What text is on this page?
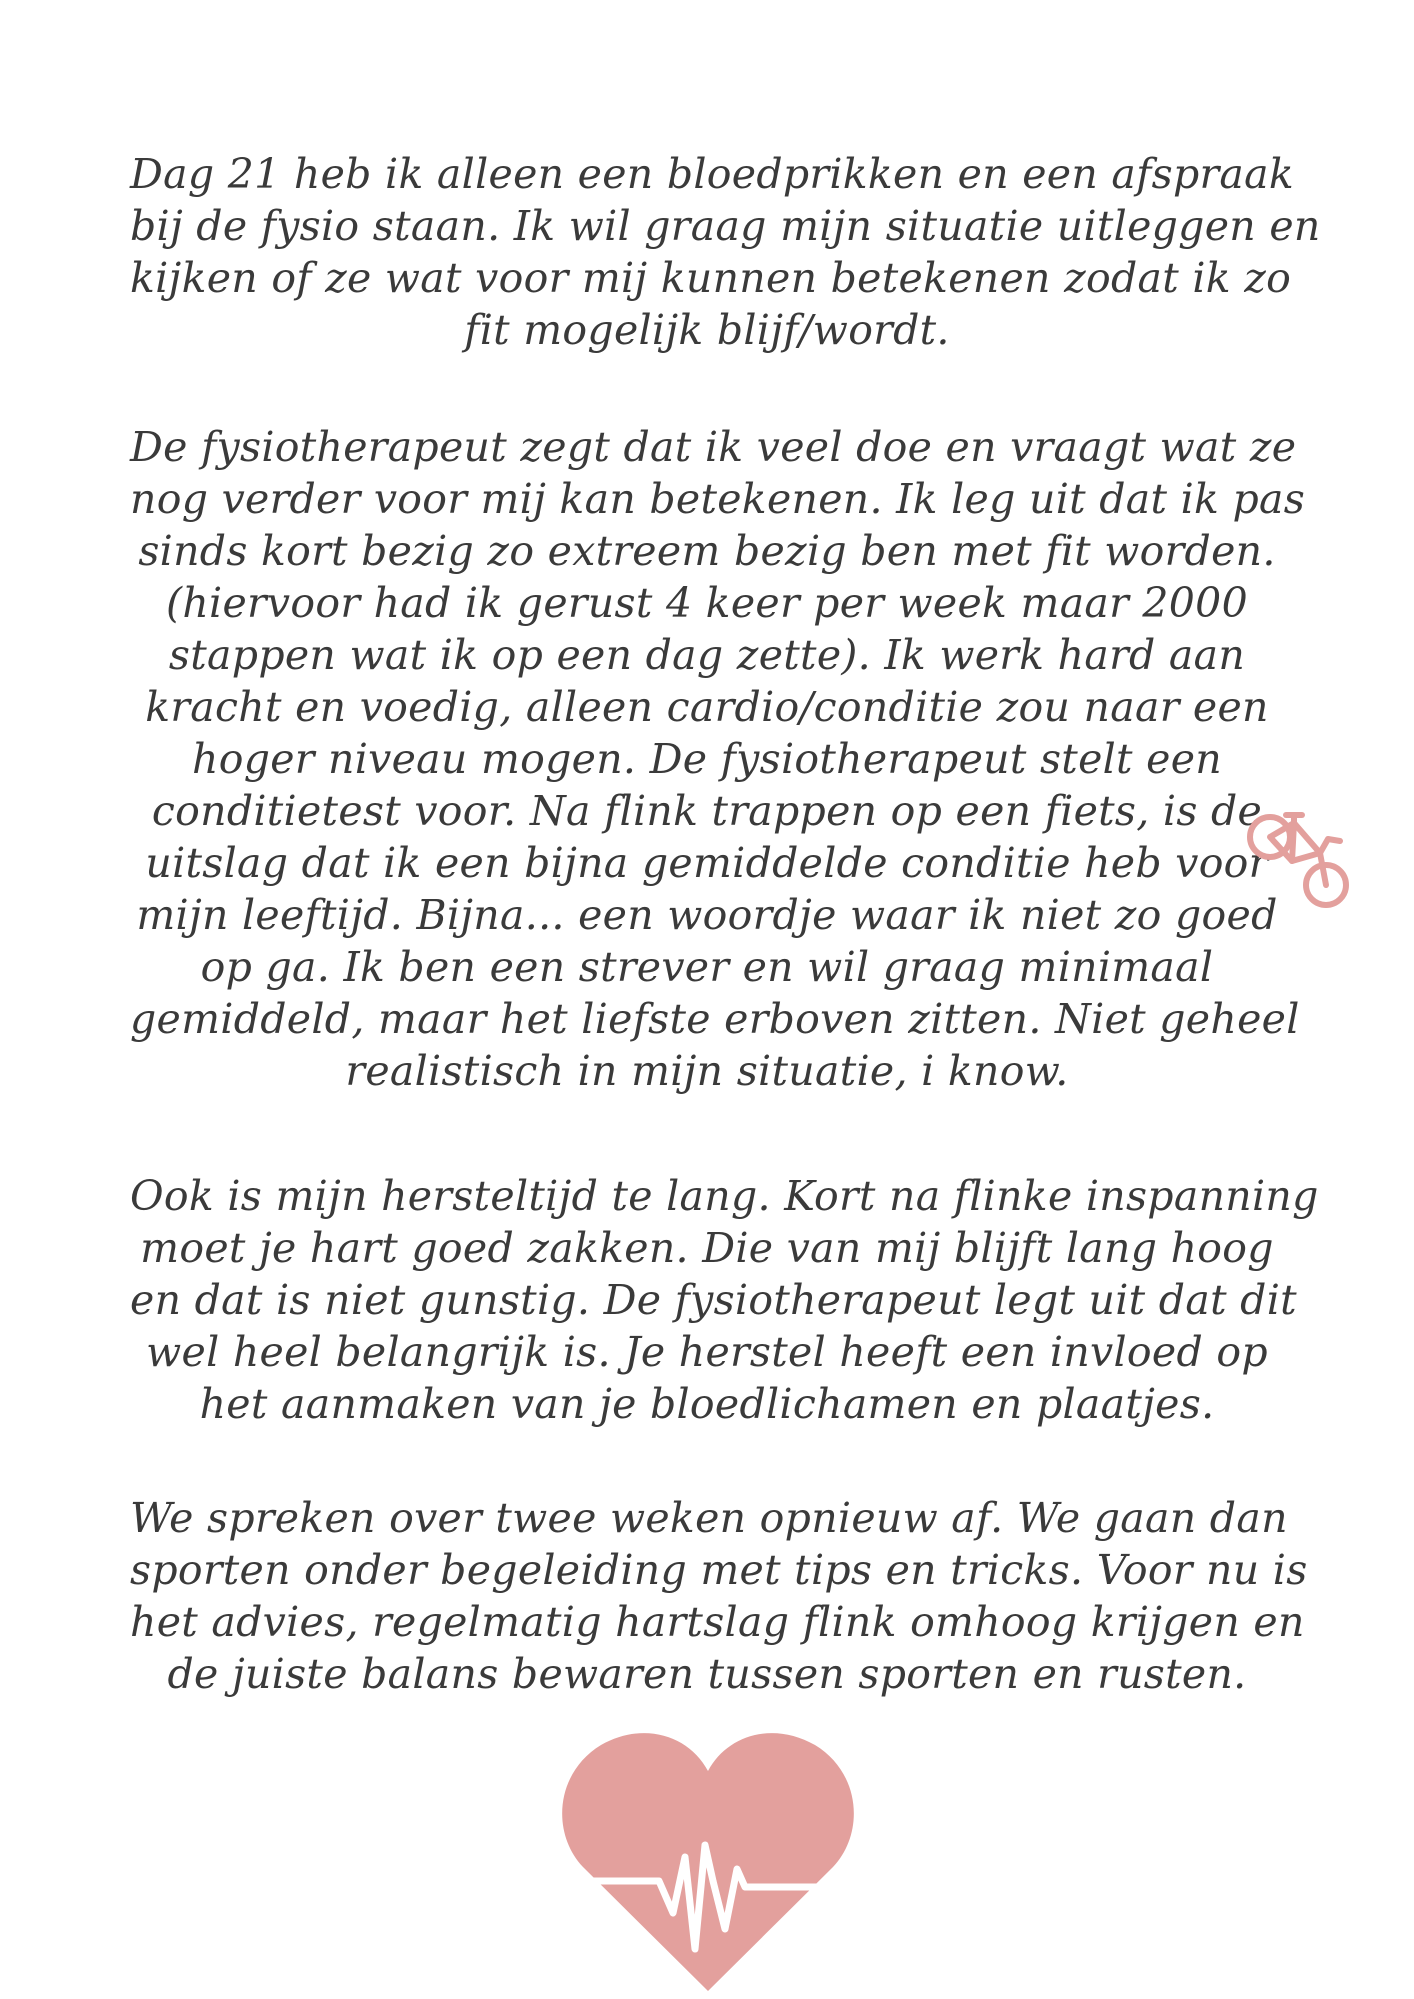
Dag 21 heb ik alleen een bloedprikken en een afspraak
bij de fysio staan. Ik wil graag mijn situatie uitleggen en
kijken of ze wat voor mij kunnen betekenen zodat ik zo
fit mogelijk blijf/wordt.
De fysiotherapeut zegt dat ik veel doe en vraagt wat ze
nog verder voor mij kan betekenen. Ik leg uit dat ik pas
sinds kort bezig zo extreem bezig ben met fit worden.
(hiervoor had ik gerust 4 keer per week maar 2000
stappen wat ik op een dag zette). Ik werk hard aan
kracht en voedig, alleen cardio/conditie zou naar een
hoger niveau mogen. De fysiotherapeut stelt een
conditietest voor. Na flink trappen op een fiets, is de
uitslag dat ik een bijna gemiddelde conditie heb voor
mijn leeftijd. Bijna... een woordje waar ik niet zo goed
op ga. Ik ben een strever en wil graag minimaal
gemiddeld, maar het liefste erboven zitten. Niet geheel
realistisch in mijn situatie, i know.
Ook is mijn hersteltijd te lang. Kort na flinke inspanning
moet je hart goed zakken. Die van mij blijft lang hoog
en dat is niet gunstig. De fysiotherapeut legt uit dat dit
wel heel belangrijk is. Je herstel heeft een invloed op
het aanmaken van je bloedlichamen en plaatjes.
We spreken over twee weken opnieuw af. We gaan dan
sporten onder begeleiding met tips en tricks. Voor nu is
het advies, regelmatig hartslag flink omhoog krijgen en
de juiste balans bewaren tussen sporten en rusten.
